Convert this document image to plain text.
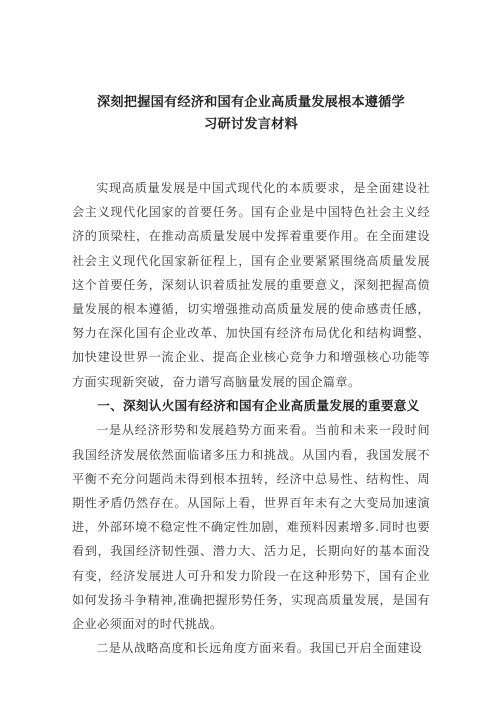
深刻把握国有经济和国有企业高质量发展根本遵循学
习研讨发言材料

实现高质量发展是中国式现代化的本质要求，是全面建设社会主义现代化国家的首要任务。国有企业是中国特色社会主义经济的顶梁柱，在推动高质量发展中发挥着重要作用。在全面建设社会主义现代化国家新征程上，国有企业要紧紧围绕高质量发展这个首要任务，深刻认识着质扯发展的重要意义，深刻把握高偾量发展的根本遵循，切实增强推动高质量发展的使命感责任感，努力在深化国有企业改革、加快国有经济布局优化和结构调整、加快建设世界一流企业、提高企业核心竞争力和增强核心功能等方面实现新突破，奋力谱写高脑量发展的国企篇章。

一、深刻认火国有经济和国有企业高质量发展的重要意义

一是从经济形势和发展趋势方面来看。当前和未来一段时间我国经济发展依然面临诸多压力和挑战。从国内看，我国发展不平衡不充分问题尚未得到根本扭转，经济中总易性、结构性、周期性矛盾仍然存在。从国际上看，世界百年未有之大变局加速演进，外部环境不稳定性不确定性加剧，难预料因素增多.同时也要看到，我国经济韧性强、潜力大、活力足，长期向好的基本面没有变，经济发展进人可升和发力阶段一在这种形势下，国有企业如何发扬斗争精神,准确把握形势任务，实现高质量发展，是国有企业必须面对的时代挑战。

二是从战略高度和长远角度方面来看。我国已开启全面建设
